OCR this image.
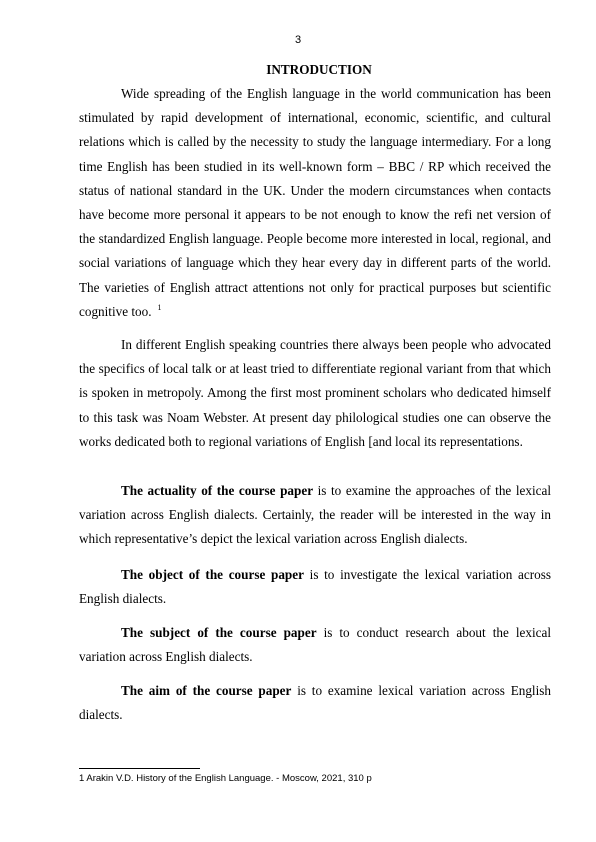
3
INTRODUCTION

Wide spreading of the English language in the world communication has been stimulated by rapid development of international, economic, scientific, and cultural relations which is called by the necessity to study the language intermediary. For a long time English has been studied in its well-known form – BBC / RP which received the status of national standard in the UK. Under the modern circumstances when contacts have become more personal it appears to be not enough to know the refi net version of the standardized English language. People become more interested in local, regional, and social variations of language which they hear every day in different parts of the world. The varieties of English attract attentions not only for practical purposes but scientific cognitive too. $^1$

In different English speaking countries there always been people who advocated the specifics of local talk or at least tried to differentiate regional variant from that which is spoken in metropoly. Among the first most prominent scholars who dedicated himself to this task was Noam Webster. At present day philological studies one can observe the works dedicated both to regional variations of English [and local its representations.

The actuality of the course paper is to examine the approaches of the lexical variation across English dialects. Certainly, the reader will be interested in the way in which representative’s depict the lexical variation across English dialects.

The object of the course paper is to investigate the lexical variation across English dialects.

The subject of the course paper is to conduct research about the lexical variation across English dialects.

The aim of the course paper is to examine lexical variation across English dialects.

1 Arakin V.D. History of the English Language. - Moscow, 2021, 310 p
